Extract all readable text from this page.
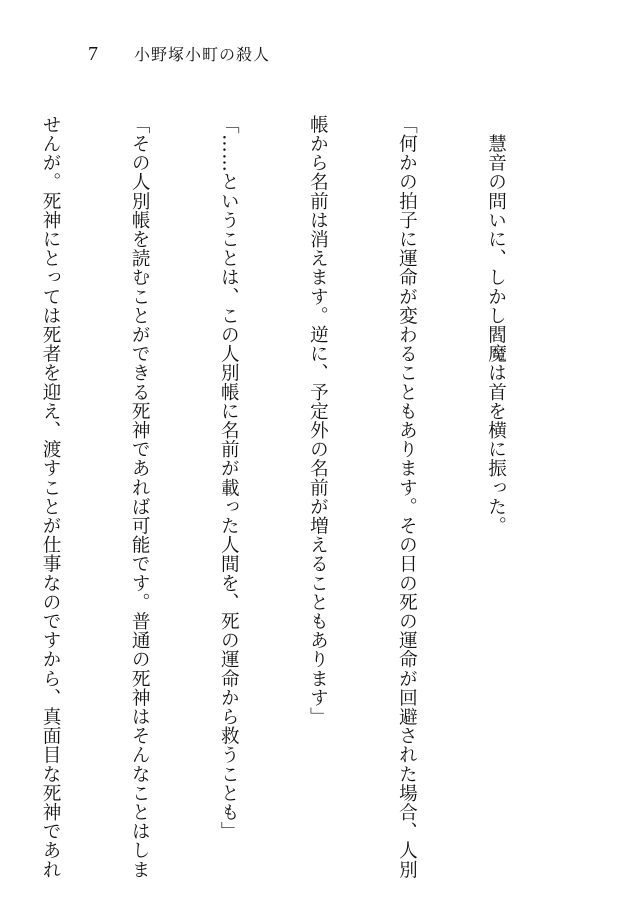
7 小野塚小町の殺人

　慧音の問いに、しかし閻魔は首を横に振った。

「何かの拍子に運命が変わることもあります。その日の死の運命が回避された場合、人別

帳から名前は消えます。逆に、予定外の名前が増えることもあります」

「……ということは、この人別帳に名前が載った人間を、死の運命から救うことも」

「その人別帳を読むことができる死神であれば可能です。普通の死神はそんなことはしま

せんが。死神にとっては死者を迎え、渡すことが仕事なのですから、真面目な死神であれ
